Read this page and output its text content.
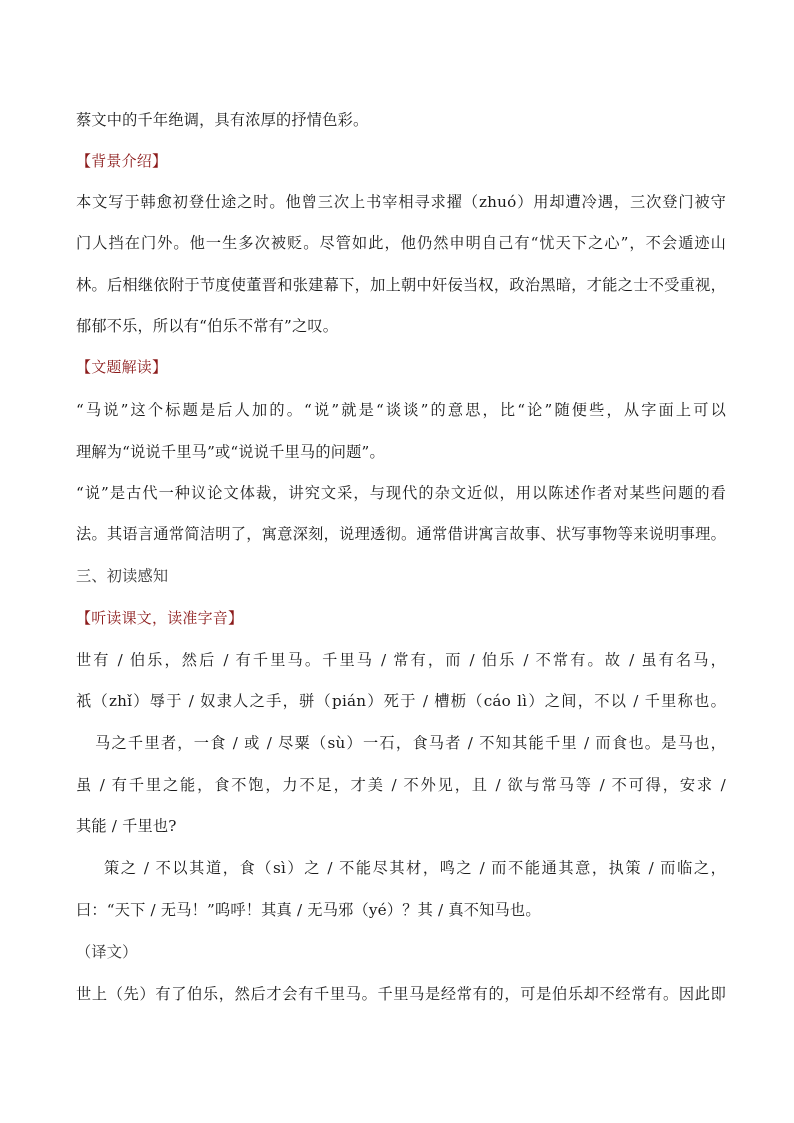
蔡文中的千年绝调，具有浓厚的抒情色彩。
【背景介绍】
本文写于韩愈初登仕途之时。他曾三次上书宰相寻求擢（zhuó）用却遭冷遇，三次登门被守
门人挡在门外。他一生多次被贬。尽管如此，他仍然申明自己有“忧天下之心”，不会遁迹山
林。后相继依附于节度使董晋和张建幕下，加上朝中奸佞当权，政治黑暗，才能之士不受重视，
郁郁不乐，所以有“伯乐不常有”之叹。
【文题解读】
“马说”这个标题是后人加的。“说”就是“谈谈”的意思，比“论”随便些，从字面上可以
理解为“说说千里马”或“说说千里马的问题”。
“说”是古代一种议论文体裁，讲究文采，与现代的杂文近似，用以陈述作者对某些问题的看
法。其语言通常简洁明了，寓意深刻，说理透彻。通常借讲寓言故事、状写事物等来说明事理。
三、初读感知
【听读课文，读准字音】
世有 / 伯乐，然后 / 有千里马。千里马 / 常有，而 / 伯乐 / 不常有。故 / 虽有名马，
祇（zhǐ）辱于 / 奴隶人之手，骈（pián）死于 / 槽枥（cáo lì）之间，不以 / 千里称也。
马之千里者，一食 / 或 / 尽粟（sù）一石，食马者 / 不知其能千里 / 而食也。是马也，
虽 / 有千里之能，食不饱，力不足，才美 / 不外见，且 / 欲与常马等 / 不可得，安求 /
其能 / 千里也?
策之 / 不以其道，食（sì）之 / 不能尽其材，鸣之 / 而不能通其意，执策 / 而临之，
曰：“天下 / 无马！”呜呼！其真 / 无马邪（yé）？其 / 真不知马也。
（译文）
世上（先）有了伯乐，然后才会有千里马。千里马是经常有的，可是伯乐却不经常有。因此即
